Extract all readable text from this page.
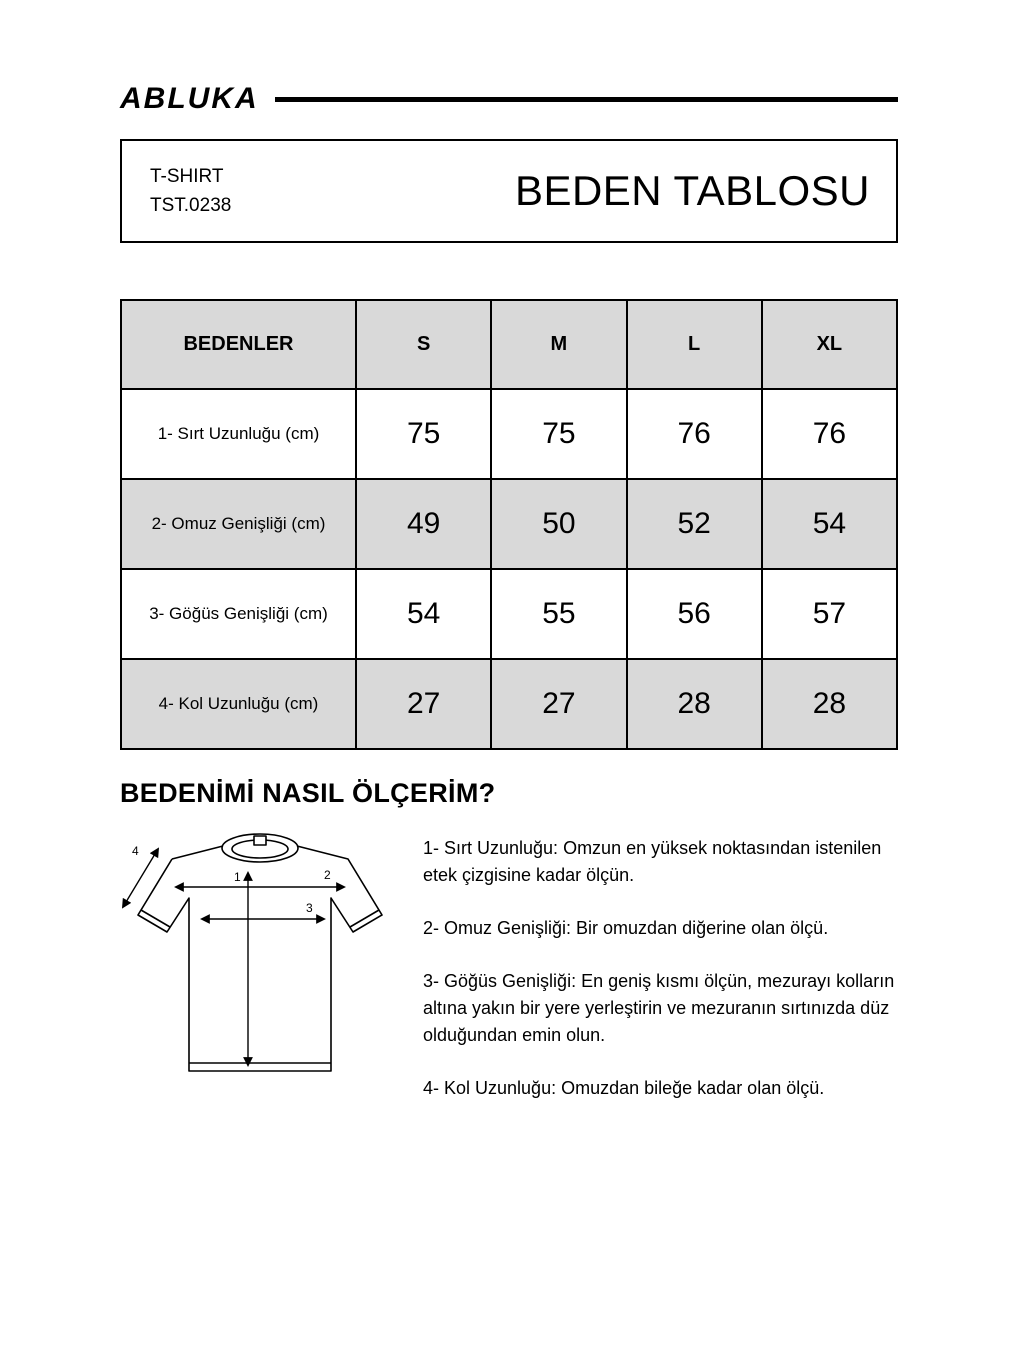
ABLUKA
T-SHIRT
TST.0238	BEDEN TABLOSU
BEDENLER	S	M	L	XL
1- Sırt Uzunluğu (cm)	75	75	76	76
2- Omuz Genişliği (cm)	49	50	52	54
3- Göğüs Genişliği (cm)	54	55	56	57
4- Kol Uzunluğu (cm)	27	27	28	28
BEDENİMİ NASIL ÖLÇERİM?
1	2
3
4	1- Sırt Uzunluğu: Omzun en yüksek noktasından istenilen etek çizgisine kadar ölçün.

2- Omuz Genişliği: Bir omuzdan diğerine olan ölçü.

3- Göğüs Genişliği: En geniş kısmı ölçün, mezurayı kolların altına yakın bir yere yerleştirin ve mezuranın sırtınızda düz olduğundan emin olun.

4- Kol Uzunluğu: Omuzdan bileğe kadar olan ölçü.
